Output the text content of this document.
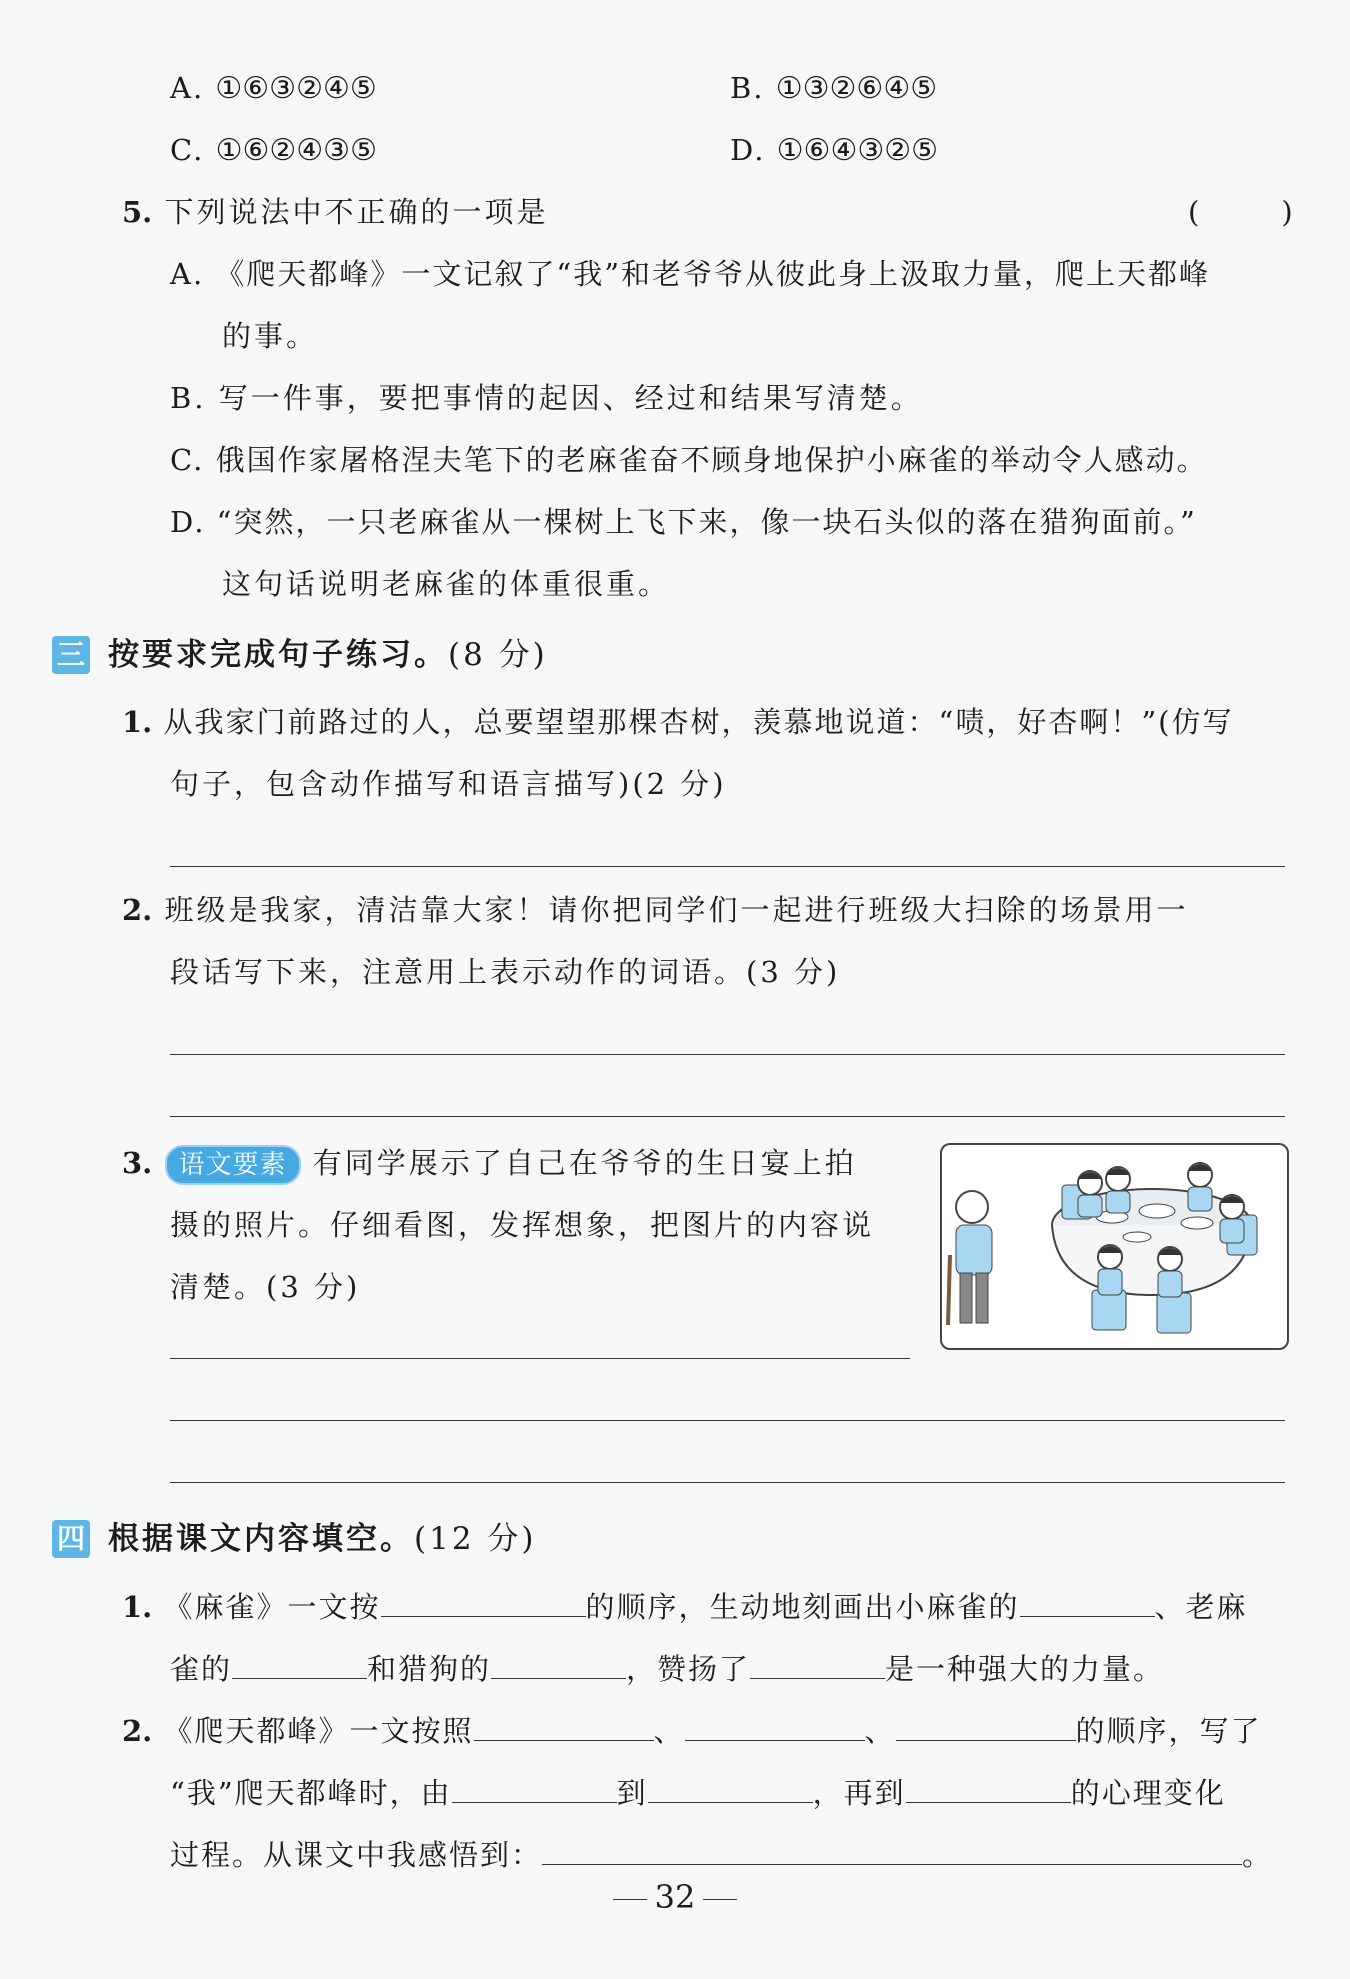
A. ①⑥③②④⑤	B. ①③②⑥④⑤
C. ①⑥②④③⑤	D. ①⑥④③②⑤
5. 下列说法中不正确的一项是	(　　)
A. 《爬天都峰》一文记叙了“我”和老爷爷从彼此身上汲取力量，爬上天都峰
的事。
B. 写一件事，要把事情的起因、经过和结果写清楚。
C. 俄国作家屠格涅夫笔下的老麻雀奋不顾身地保护小麻雀的举动令人感动。
D. “突然，一只老麻雀从一棵树上飞下来，像一块石头似的落在猎狗面前。”
这句话说明老麻雀的体重很重。
三 按要求完成句子练习。(8 分)
1. 从我家门前路过的人，总要望望那棵杏树，羡慕地说道：“啧，好杏啊！”(仿写
句子，包含动作描写和语言描写)(2 分)
2. 班级是我家，清洁靠大家！请你把同学们一起进行班级大扫除的场景用一
段话写下来，注意用上表示动作的词语。(3 分)
3. 语文要素 有同学展示了自己在爷爷的生日宴上拍
摄的照片。仔细看图，发挥想象，把图片的内容说
清楚。(3 分)
四 根据课文内容填空。(12 分)
1. 《麻雀》一文按	的顺序，生动地刻画出小麻雀的	、老麻
雀的	和猎狗的	，赞扬了	是一种强大的力量。
2. 《爬天都峰》一文按照	、	、	的顺序，写了
“我”爬天都峰时，由	到	，再到	的心理变化
过程。从课文中我感悟到：	。
32
